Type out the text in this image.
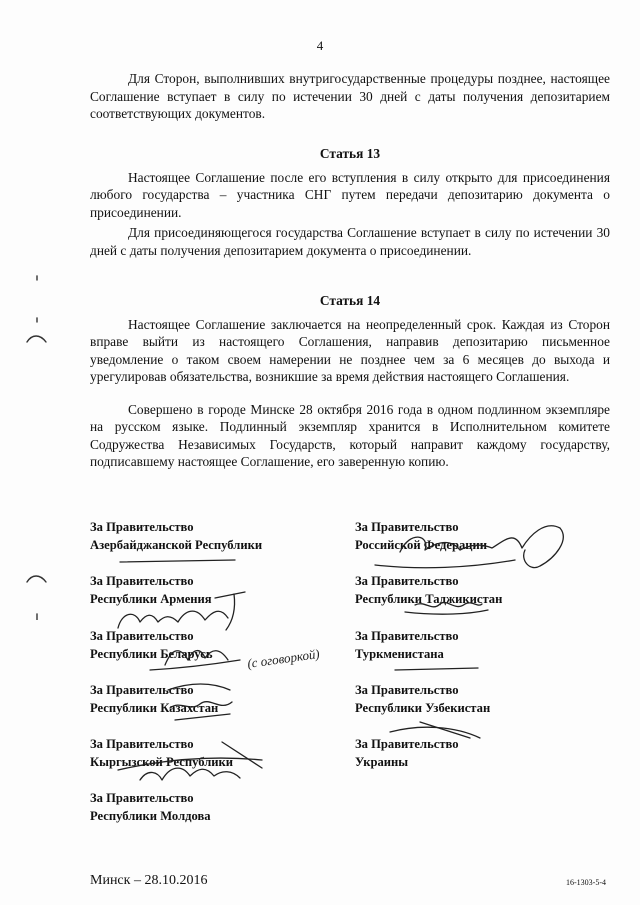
4

Для Сторон, выполнивших внутригосударственные процедуры позднее, настоящее Соглашение вступает в силу по истечении 30 дней с даты получения депозитарием соответствующих документов.

Статья 13

Настоящее Соглашение после его вступления в силу открыто для присоединения любого государства – участника СНГ путем передачи депозитарию документа о присоединении.

Для присоединяющегося государства Соглашение вступает в силу по истечении 30 дней с даты получения депозитарием документа о присоединении.

Статья 14

Настоящее Соглашение заключается на неопределенный срок. Каждая из Сторон вправе выйти из настоящего Соглашения, направив депозитарию письменное уведомление о таком своем намерении не позднее чем за 6 месяцев до выхода и урегулировав обязательства, возникшие за время действия настоящего Соглашения.

Совершено в городе Минске 28 октября 2016 года в одном подлинном экземпляре на русском языке. Подлинный экземпляр хранится в Исполнительном комитете Содружества Независимых Государств, который направит каждому государству, подписавшему настоящее Соглашение, его заверенную копию.

За Правительство
Азербайджанской Республики
За Правительство
Республики Армения
За Правительство
Республики Беларусь
За Правительство
Республики Казахстан
За Правительство
Кыргызской Республики
За Правительство
Республики Молдова
За Правительство
Российской Федерации
За Правительство
Республики Таджикистан
За Правительство
Туркменистана
За Правительство
Республики Узбекистан
За Правительство
Украины
(с оговоркой)
Минск – 28.10.2016	16-1303-5-4
